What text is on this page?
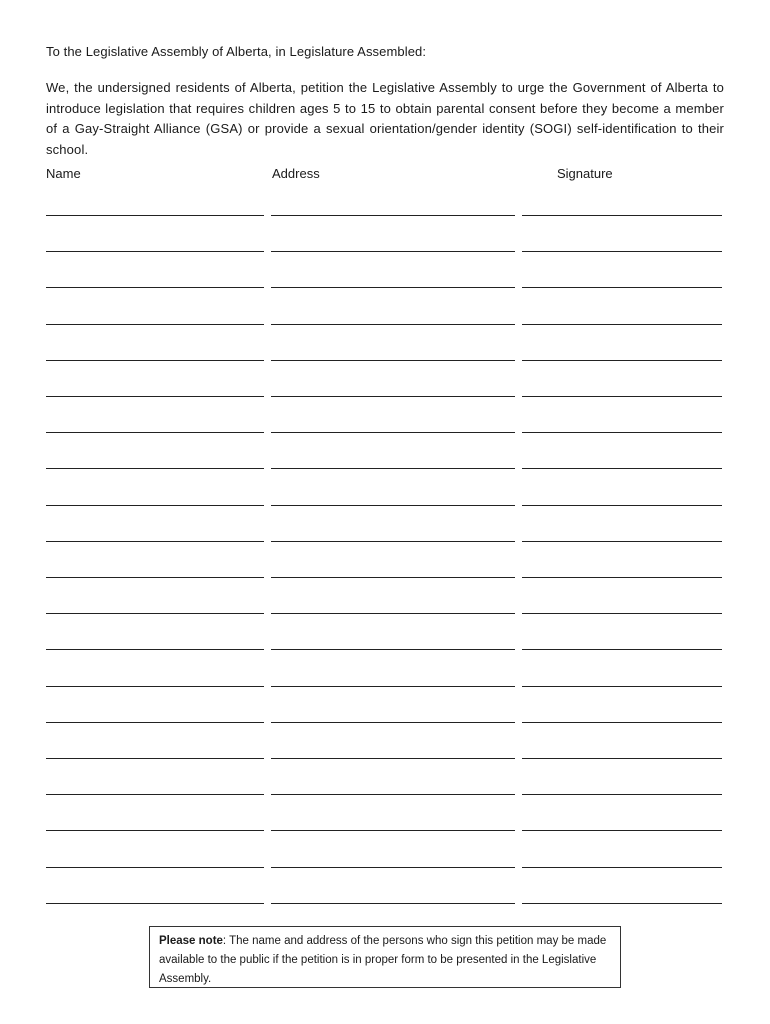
To the Legislative Assembly of Alberta, in Legislature Assembled:
We, the undersigned residents of Alberta, petition the Legislative Assembly to urge the Government of Alberta to introduce legislation that requires children ages 5 to 15 to obtain parental consent before they become a member of a Gay-Straight Alliance (GSA) or provide a sexual orientation/gender identity (SOGI) self-identification to their school.
Name	Address	Signature
Please note: The name and address of the persons who sign this petition may be made available to the public if the petition is in proper form to be presented in the Legislative Assembly.
